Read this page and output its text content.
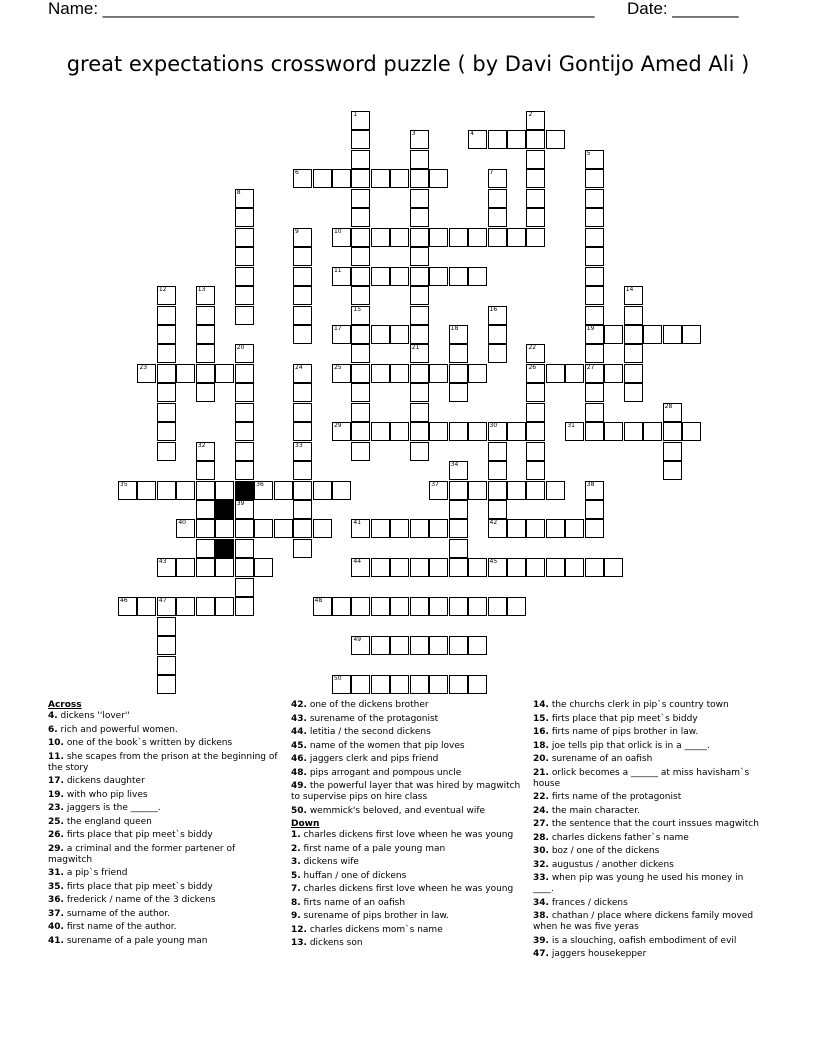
Name: ____________________________________________________ Date: _______
great expectations crossword puzzle ( by Davi Gontijo Amed Ali )
1	2
3	4
5
19
27
6	7
8
9	10
11
12	13	14
15	16
17	18
20
39
21	22
26
23	24	25
28
29	30
42
31
32	33
34
35	36	37	38
40	41
43	44	45
46	47	48
49
50
Across
4. dickens ''lover''
6. rich and powerful women.
10. one of the book`s written by dickens
11. she scapes from the prison at the beginning of the story
17. dickens daughter
19. with who pip lives
23. jaggers is the ______.
25. the england queen
26. firts place that pip meet`s biddy
29. a criminal and the former partener of magwitch
31. a pip`s friend
35. firts place that pip meet`s biddy
36. frederick / name of the 3 dickens
37. surname of the author.
40. first name of the author.
41. surename of a pale young man
42. one of the dickens brother
43. surename of the protagonist
44. letitia / the second dickens
45. name of the women that pip loves
46. jaggers clerk and pips friend
48. pips arrogant and pompous uncle
49. the powerful layer that was hired by magwitch to supervise pips on hire class
50. wemmick's beloved, and eventual wife
Down
1. charles dickens first love wheen he was young
2. first name of a pale young man
3. dickens wife
5. huffan / one of dickens
7. charles dickens first love wheen he was young
8. firts name of an oafish
9. surename of pips brother in law.
12. charles dickens mom`s name
13. dickens son
14. the churchs clerk in pip`s country town
15. firts place that pip meet`s biddy
16. firts name of pips brother in law.
18. joe tells pip that orlick is in a _____.
20. surename of an oafish
21. orlick becomes a ______ at miss havisham`s house
22. firts name of the protagonist
24. the main character.
27. the sentence that the court inssues magwitch
28. charles dickens father`s name
30. boz / one of the dickens
32. augustus / another dickens
33. when pip was young he used his money in ____.
34. frances / dickens
38. chathan / place where dickens family moved when he was five yeras
39. is a slouching, oafish embodiment of evil
47. jaggers housekepper
